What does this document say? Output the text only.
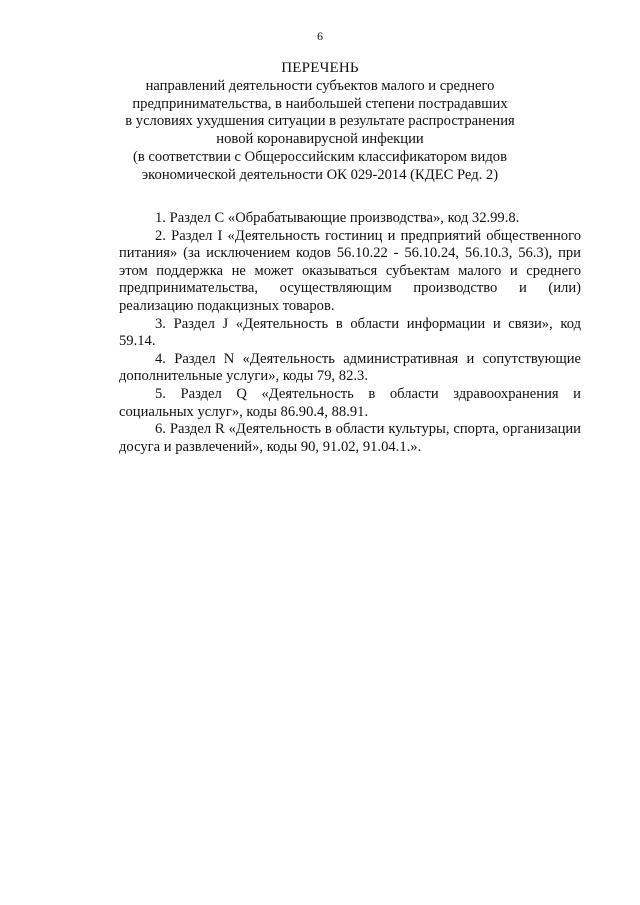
6
ПЕРЕЧЕНЬ
направлений деятельности субъектов малого и среднего
предпринимательства, в наибольшей степени пострадавших
в условиях ухудшения ситуации в результате распространения
новой коронавирусной инфекции
(в соответствии с Общероссийским классификатором видов
экономической деятельности ОК 029-2014 (КДЕС Ред. 2)

1. Раздел C «Обрабатывающие производства», код 32.99.8.

2. Раздел I «Деятельность гостиниц и предприятий общественного питания» (за исключением кодов 56.10.22 - 56.10.24, 56.10.3, 56.3), при этом поддержка не может оказываться субъектам малого и среднего предпринимательства, осуществляющим производство и (или) реализацию подакцизных товаров.

3. Раздел J «Деятельность в области информации и связи», код 59.14.

4. Раздел N «Деятельность административная и сопутствующие дополнительные услуги», коды 79, 82.3.

5. Раздел Q «Деятельность в области здравоохранения и социальных услуг», коды 86.90.4, 88.91.

6. Раздел R «Деятельность в области культуры, спорта, организации досуга и развлечений», коды 90, 91.02, 91.04.1.».
